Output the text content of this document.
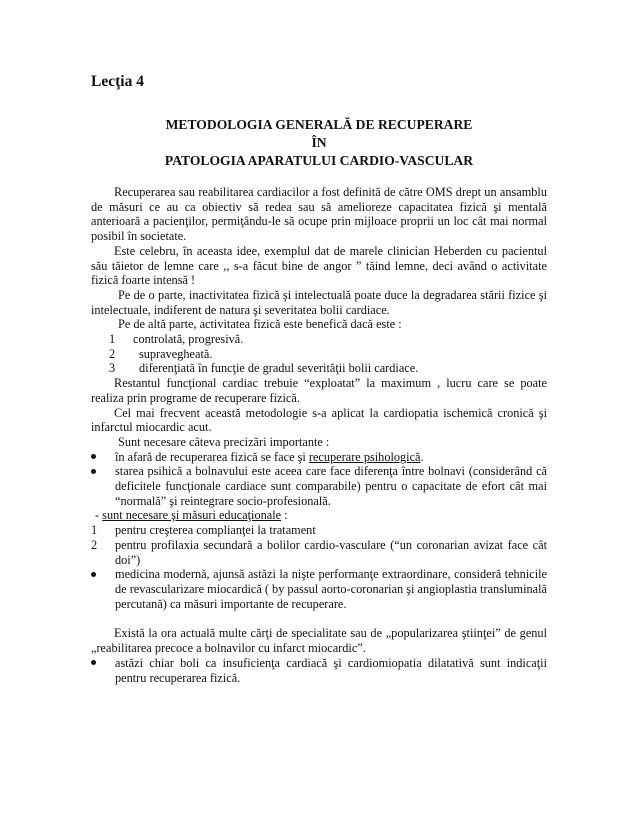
Lecţia 4
METODOLOGIA GENERALĂ DE RECUPERARE
ÎN
PATOLOGIA APARATULUI CARDIO-VASCULAR

Recuperarea sau reabilitarea cardiacilor a fost definită de către OMS drept un ansamblu de măsuri ce au ca obiectiv să redea sau să amelioreze capacitatea fizică şi mentală anterioară a pacienţilor, permiţându-le să ocupe prin mijloace proprii un loc cât mai normal posibil în societate.

Este celebru, în aceasta idee, exemplul dat de marele clinician Heberden cu pacientul său tăietor de lemne care ,, s-a făcut bine de angor ” tăind lemne, deci având o activitate fizică foarte intensă !

Pe de o parte, inactivitatea fizică şi intelectuală poate duce la degradarea stării fizice şi intelectuale, indiferent de natura şi severitatea bolii cardiace.

Pe de altă parte, activitatea fizică este benefică dacă este :

1 controlată, progresivă.
2 supravegheată.
3 diferenţiată în funcţie de gradul severităţii bolii cardiace.

Restantul funcţional cardiac trebuie “exploatat” la maximum , lucru care se poate realiza prin programe de recuperare fizică.

Cel mai frecvent această metodologie s-a aplicat la cardiopatia ischemică cronică şi infarctul miocardic acut.

Sunt necesare câteva precizări importante :

în afară de recuperarea fizică se face şi recuperare psihologică.
starea psihică a bolnavului este aceea care face diferenţa între bolnavi (considerând că deficitele funcţionale cardiace sunt comparabile) pentru o capacitate de efort cât mai “normală” şi reintegrare socio-profesională.

- sunt necesare şi măsuri educaţionale :

1 pentru creşterea complianţei la tratament
2 pentru profilaxia secundară a bolilor cardio-vasculare (“un coronarian avizat face cât doi”)
medicina modernă, ajunsă astăzi la nişte performanţe extraordinare, consideră tehnicile de revascularizare miocardică ( by passul aorto-coronarian şi angioplastia transluminală percutană) ca măsuri importante de recuperare.

Există la ora actuală multe cărţi de specialitate sau de „popularizarea ştiinţei” de genul „reabilitarea precoce a bolnavilor cu infarct miocardic”.

astăzi chiar boli ca insuficienţa cardiacă şi cardiomiopatia dilatativă sunt indicaţii pentru recuperarea fizică.
